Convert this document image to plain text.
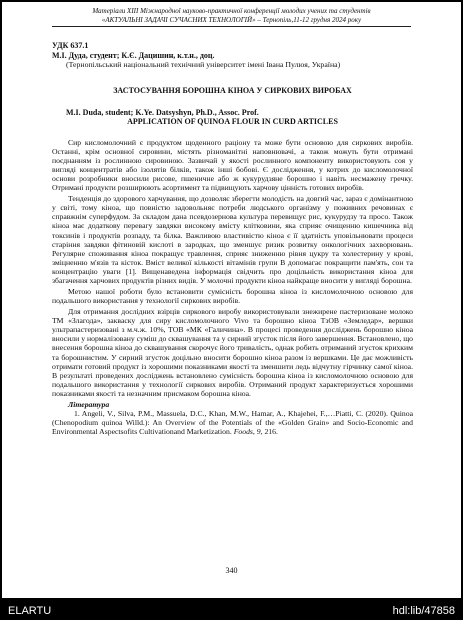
Матеріали XIII Міжнародної науково-практичної конференції молодих учених та студентів
«АКТУАЛЬНІ ЗАДАЧІ СУЧАСНИХ ТЕХНОЛОГІЙ» – Тернопіль,11-12 грудня 2024 року

УДК 637.1

М.І. Дуда, студент; К.Є. Дацишин, к.т.н., доц.

(Тернопільський національний технічний університет імені Івана Пулюя, Україна)

ЗАСТОСУВАННЯ БОРОШНА КІНОА У СИРКОВИХ ВИРОБАХ

M.I. Duda, student; K.Ye. Datsyshyn, Ph.D., Assoc. Prof.

APPLICATION OF QUINOA FLOUR IN CURD ARTICLES

Сир кисломолочний є продуктом щоденного раціону та може бути основою для сиркових виробів. Останні, крім основної сировини, містять різноманітні наповнювачі, а також можуть бути отримані поєднанням із рослинною сировиною. Зазвичай у якості рослинного компоненту використовують соя у вигляді концентратів або ізолятів білків, також інші бобові. Є дослідження, у котрих до кисломолочної основи розробники вносили рисове, пшеничне або ж кукурудзяне борошно і навіть несмажену гречку. Отримані продукти розширюють асортимент та підвищують харчову цінність готових виробів.

Тенденція до здорового харчування, що дозволяє зберегти молодість на довгий час, зараз є домінантною у світі, тому кіноа, що повністю задовольняє потреби людського організму у поживних речовинах є справжнім суперфудом. За складом дана псевдозернова культура перевищує рис, кукурудзу та просо. Також кіноа має додаткову перевагу завдяки високому вмісту клітковини, яка сприяє очищенню кишечника від токсинів і продуктів розпаду, та білка. Важливою властивістю кіноа є її здатність уповільнювати процеси старіння завдяки фітиновій кислоті в зародках, що зменшує ризик розвитку онкологічних захворювань. Регулярне споживання кіноа покращує травлення, сприяє зниженню рівня цукру та холестерину у крові, зміцненню м'язів та кісток. Вміст великої кількості вітамінів групи B допомагає покращити пам'ять, сон та концентрацію уваги [1]. Вищенаведена інформація свідчить про доцільність використання кіноа для збагачення харчових продуктів різних видів. У молочні продукти кіноа найкраще вносити у вигляді борошна.

Метою нашої роботи було встановити сумісність борошна кіноа із кисломолочною основою для подальшого використання у технології сиркових виробів.

Для отримання дослідних взірців сиркового виробу використовували знежирене пастеризоване молоко ТМ «Злагода», закваску для сиру кисломолочного Vivo та борошно кіноа ТзОВ «Земледар», вершки ультрапастеризовані з м.ч.ж. 10%, ТОВ «МК «Галичина». В процесі проведення досліджень борошно кіноа вносили у нормалізовану суміш до сквашування та у сирний згусток після його завершення. Встановлено, що внесення борошна кіноа до сквашування скорочує його тривалість, однак робить отриманий згусток крихким та борошнистим. У сирний згусток доцільно вносити борошно кіноа разом із вершками. Це дає можливість отримати готовий продукт із хорошими показниками якості та зменшити ледь відчутну гірчинку самої кіноа. В результаті проведених досліджень встановлено сумісність борошна кіноа із кисломолочною основою для подальшого використання у технології сиркових виробів. Отриманий продукт характеризується хорошими показниками якості та незначним присмаком борошна кіноа.

Література

1. Angeli, V., Silva, P.M., Massuela, D.C., Khan, M.W., Hamar, A., Khajehei, F.,…Piatti, C. (2020). Quinoa (Chenopodium quinoa Willd.): An Overview of the Potentials of the «Golden Grain» and Socio-Economic and Environmental Aspectsofits Cultivationand Marketization. Foods, 9, 216.

340
ELARTU	hdl:lib/47858
